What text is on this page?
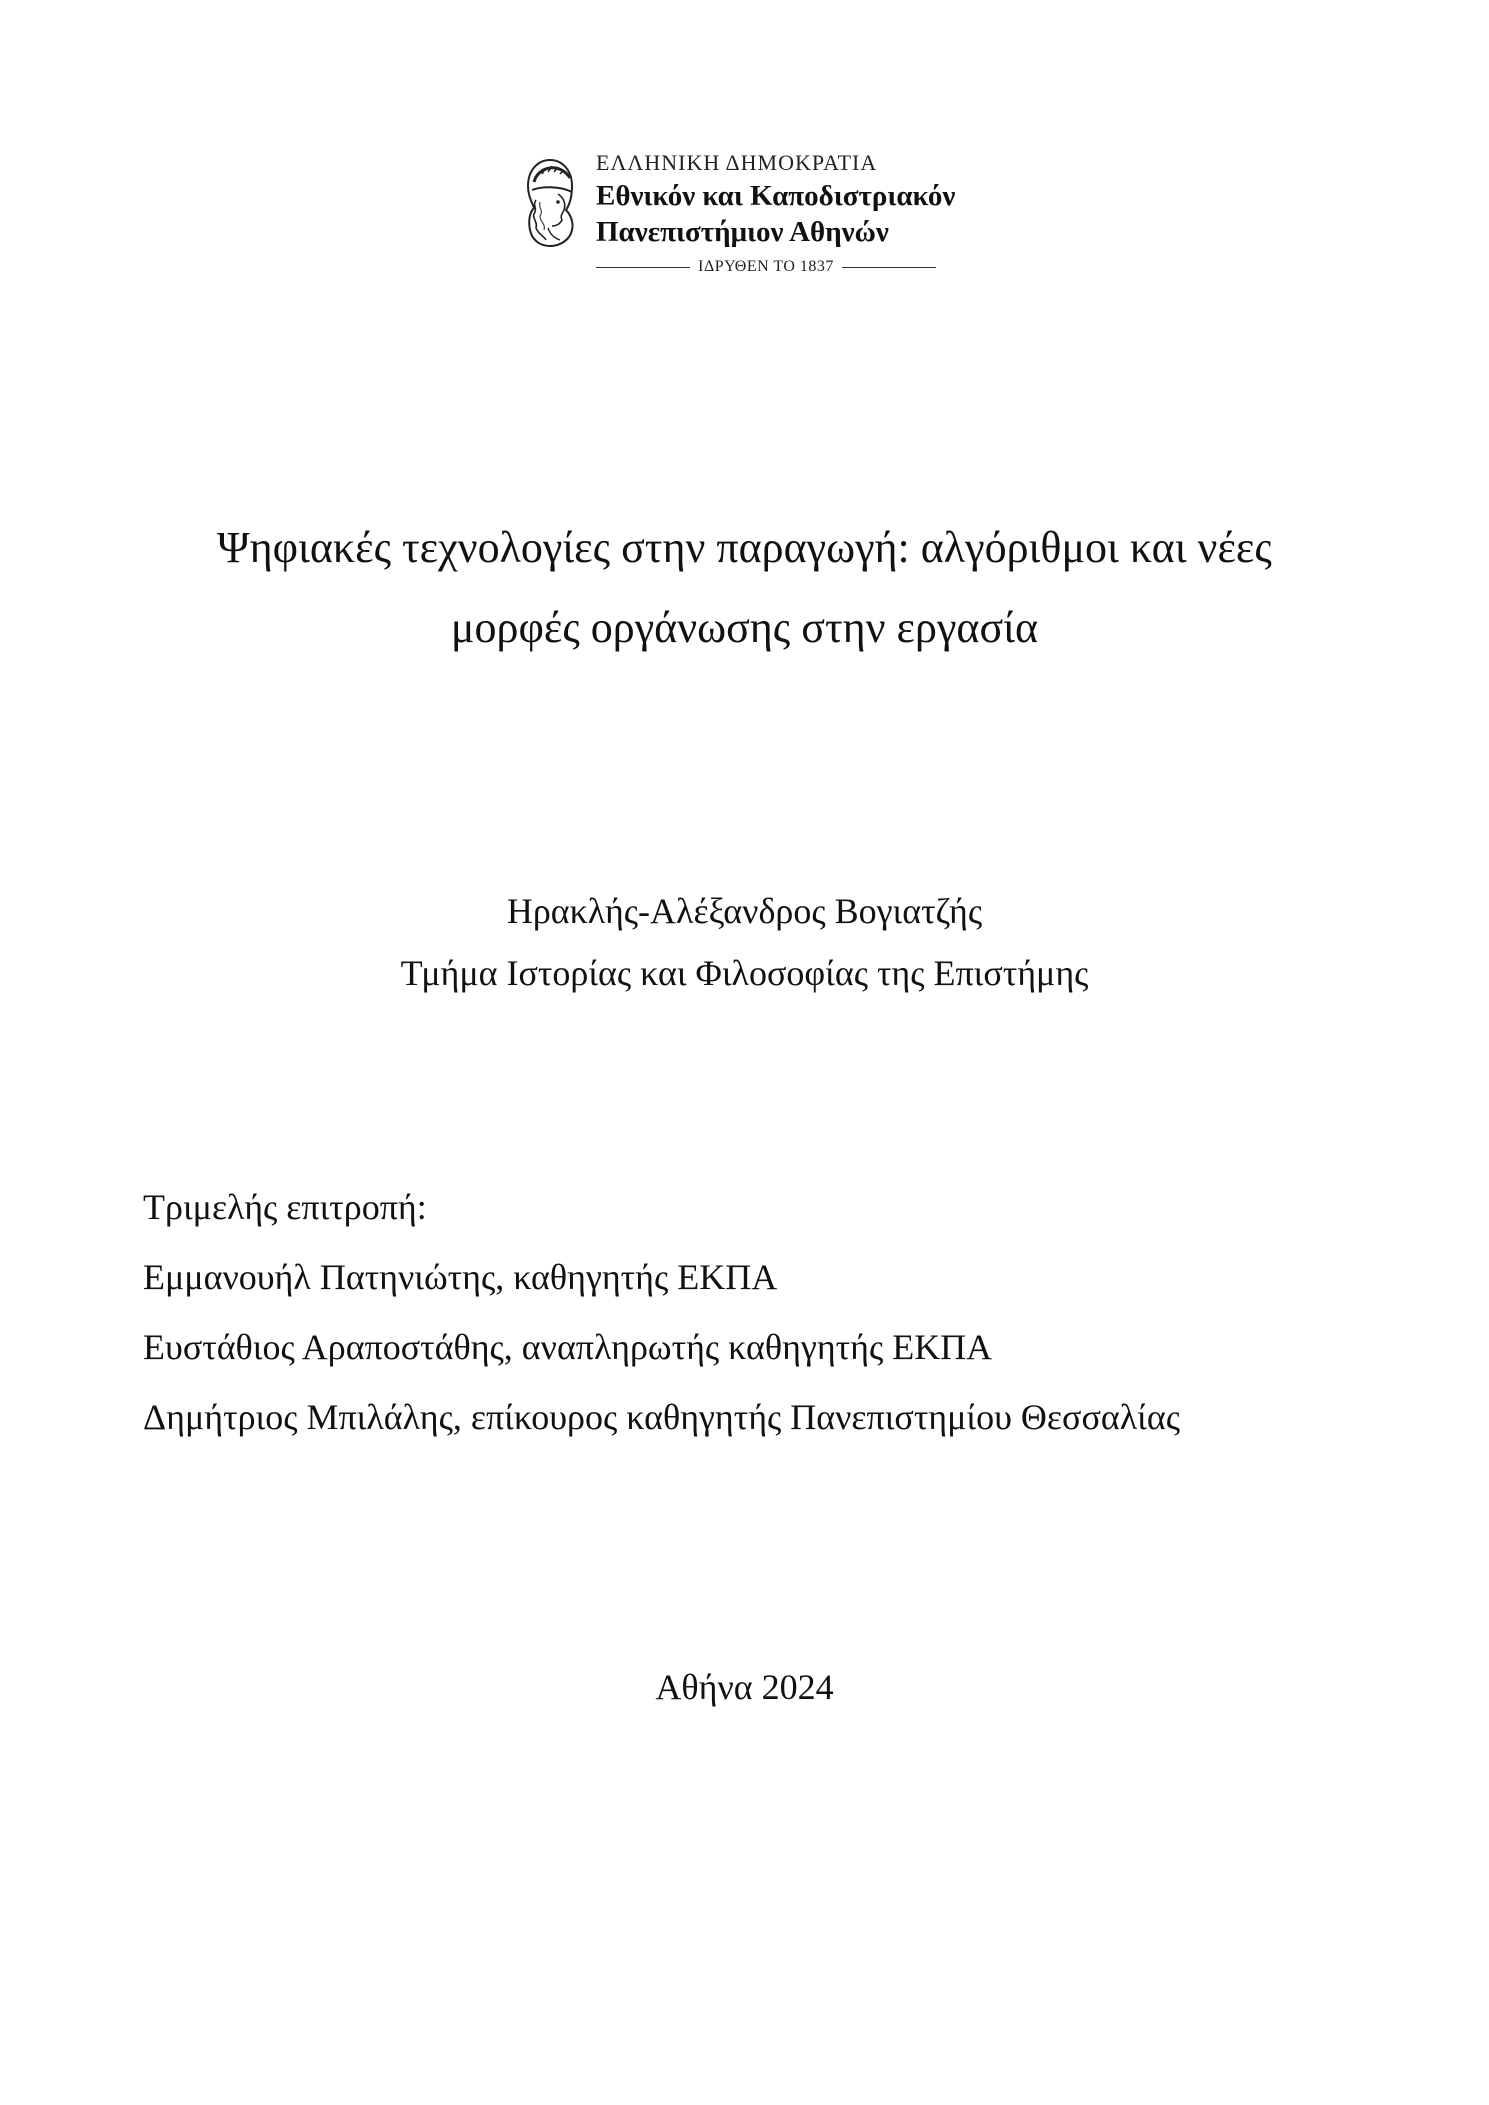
ΕΛΛΗΝΙΚΗ ΔΗΜΟΚΡΑΤΙΑ
Εθνικόν και Καποδιστριακόν
Πανεπιστήμιον Αθηνών
ΙΔΡΥΘΕΝ ΤΟ 1837
Ψηφιακές τεχνολογίες στην παραγωγή: αλγόριθμοι και νέες
μορφές οργάνωσης στην εργασία
Ηρακλής-Αλέξανδρος Βογιατζής
Τμήμα Ιστορίας και Φιλοσοφίας της Επιστήμης
Τριμελής επιτροπή:
Εμμανουήλ Πατηνιώτης, καθηγητής ΕΚΠΑ
Ευστάθιος Αραποστάθης, αναπληρωτής καθηγητής ΕΚΠΑ
Δημήτριος Μπιλάλης, επίκουρος καθηγητής Πανεπιστημίου Θεσσαλίας
Αθήνα 2024
